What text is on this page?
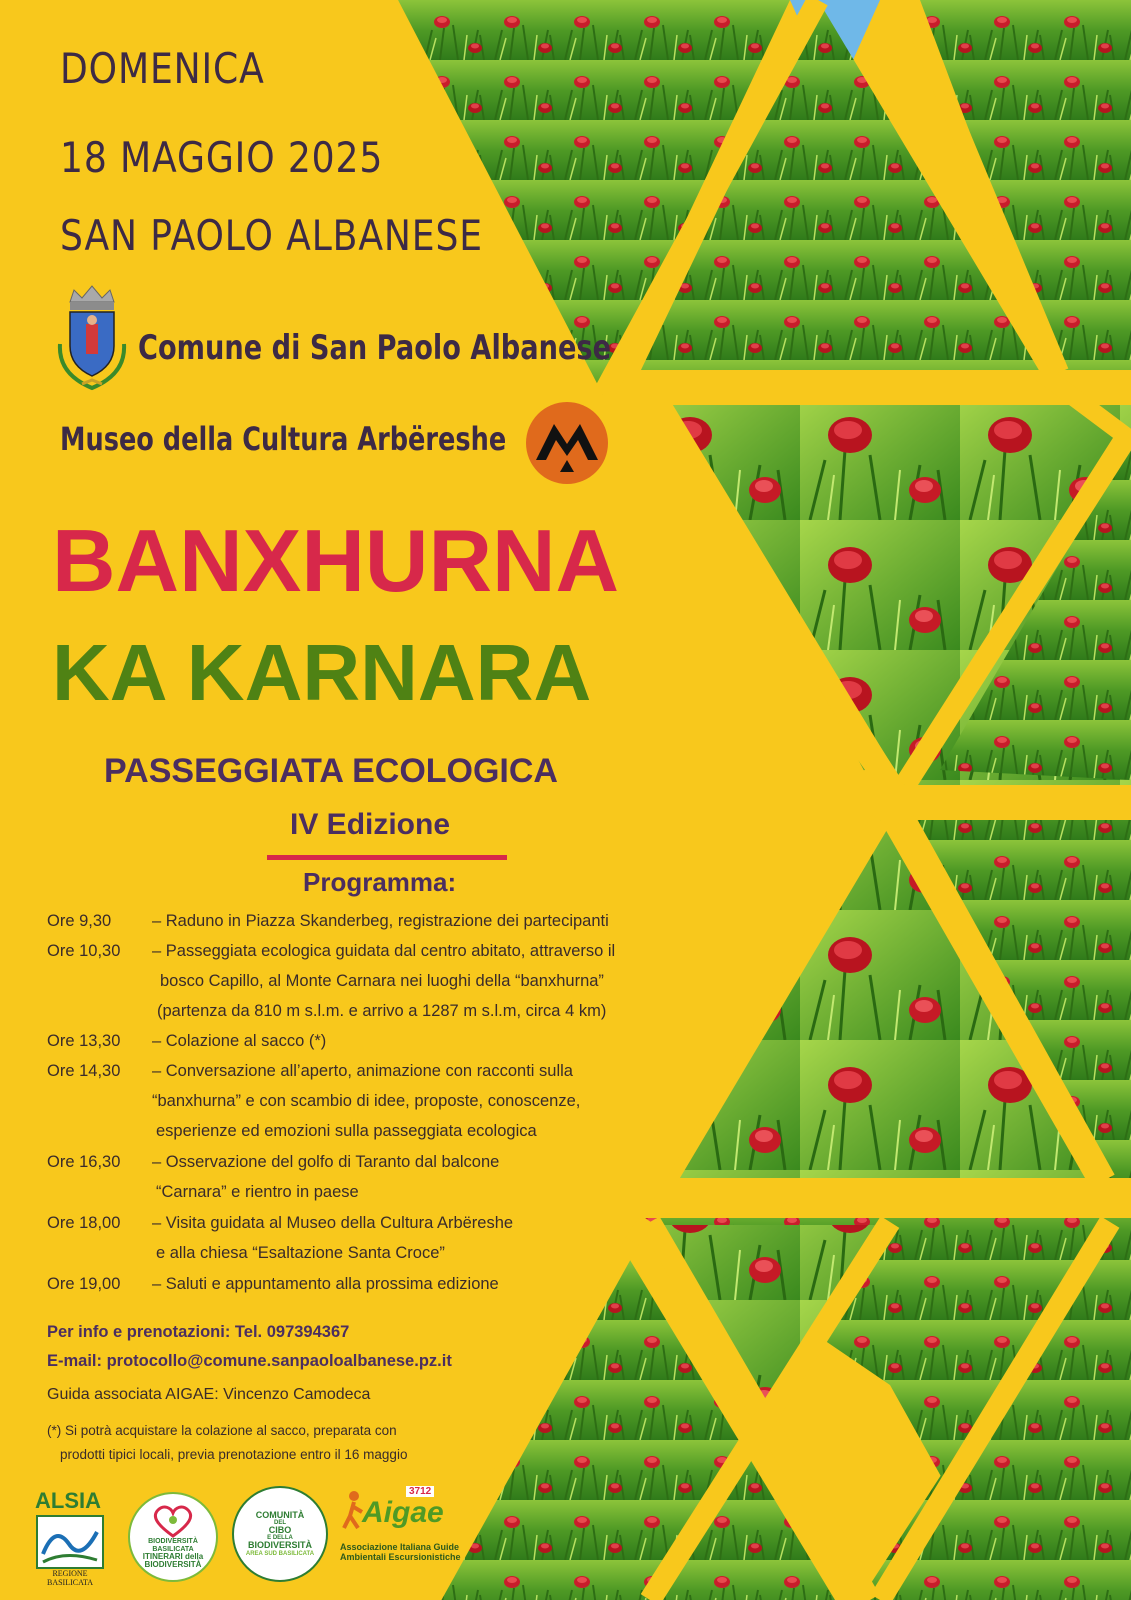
DOMENICA
18 MAGGIO 2025
SAN PAOLO ALBANESE
Comune di San Paolo Albanese
Museo della Cultura Arbëreshe
BANXHURNA
KA KARNARA
PASSEGGIATA ECOLOGICA
IV Edizione
Programma:
Ore 9,30	– Raduno in Piazza Skanderbeg, registrazione dei partecipanti
Ore 10,30	– Passeggiata ecologica guidata dal centro abitato, attraverso il
bosco Capillo, al Monte Carnara nei luoghi della “banxhurna”
(partenza da 810 m s.l.m. e arrivo a 1287 m s.l.m, circa 4 km)
Ore 13,30	– Colazione al sacco (*)
Ore 14,30	– Conversazione all’aperto, animazione con racconti sulla
“banxhurna” e con scambio di idee, proposte, conoscenze,
esperienze ed emozioni sulla passeggiata ecologica
Ore 16,30	– Osservazione del golfo di Taranto dal balcone
“Carnara” e rientro in paese
Ore 18,00	– Visita guidata al Museo della Cultura Arbëreshe
e alla chiesa “Esaltazione Santa Croce”
Ore 19,00	– Saluti e appuntamento alla prossima edizione
Per info e prenotazioni: Tel. 097394367
E-mail: protocollo@comune.sanpaoloalbanese.pz.it
Guida associata AIGAE: Vincenzo Camodeca
(*) Si potrà acquistare la colazione al sacco, preparata con
prodotti tipici locali, previa prenotazione entro il 16 maggio
ALSIA
REGIONE BASILICATA
BIODIVERSITÀ BASILICATA
ITINERARI della BIODIVERSITÀ
COMUNITÀ
DEL
CIBO
E DELLA
BIODIVERSITÀ
AREA SUD BASILICATA
3712
Aigae
Associazione Italiana Guide
Ambientali Escursionistiche
